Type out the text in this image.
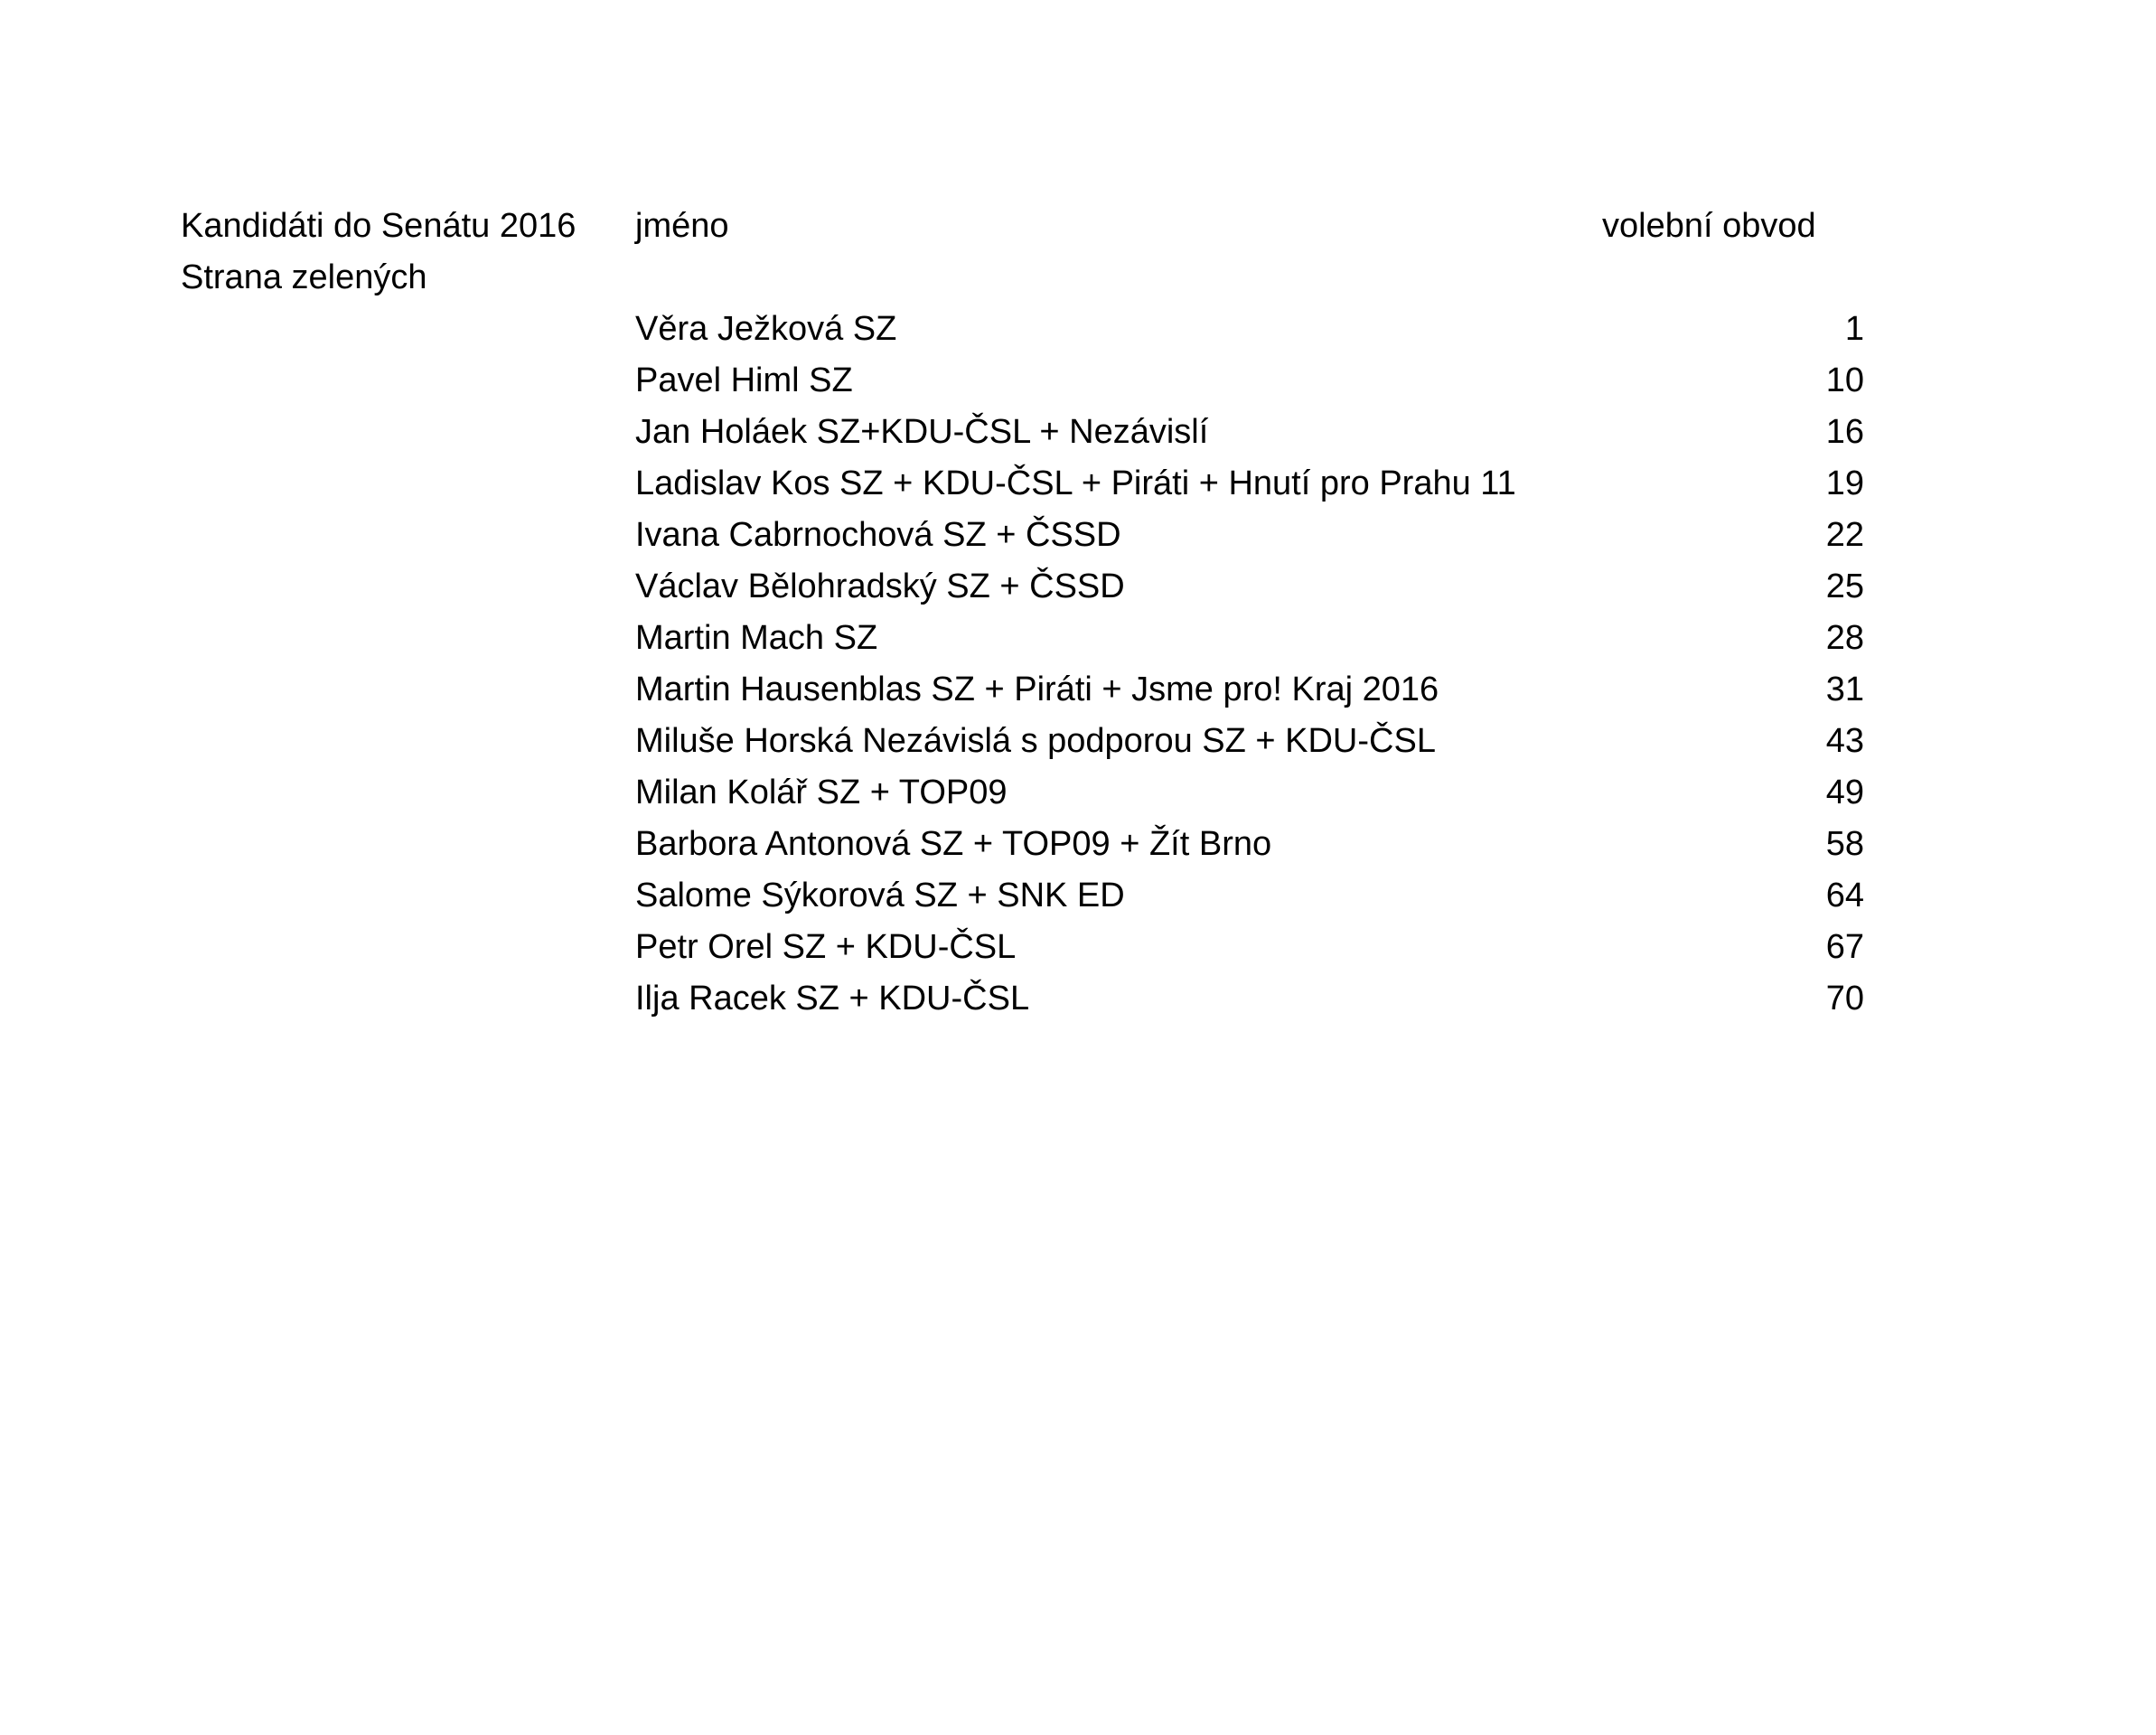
Kandidáti do Senátu 2016	jméno	volební obvod
Strana zelených
Věra Ježková SZ	1
Pavel Himl SZ	10
Jan Holáek SZ+KDU-ČSL + Nezávislí	16
Ladislav Kos SZ + KDU-ČSL + Piráti + Hnutí pro Prahu 11	19
Ivana Cabrnochová SZ + ČSSD	22
Václav Bělohradský SZ + ČSSD	25
Martin Mach SZ	28
Martin Hausenblas SZ + Piráti + Jsme pro! Kraj 2016	31
Miluše Horská Nezávislá s podporou SZ + KDU-ČSL	43
Milan Kolář SZ + TOP09	49
Barbora Antonová SZ + TOP09 + Žít Brno	58
Salome Sýkorová SZ + SNK ED	64
Petr Orel SZ + KDU-ČSL	67
Ilja Racek SZ + KDU-ČSL	70
